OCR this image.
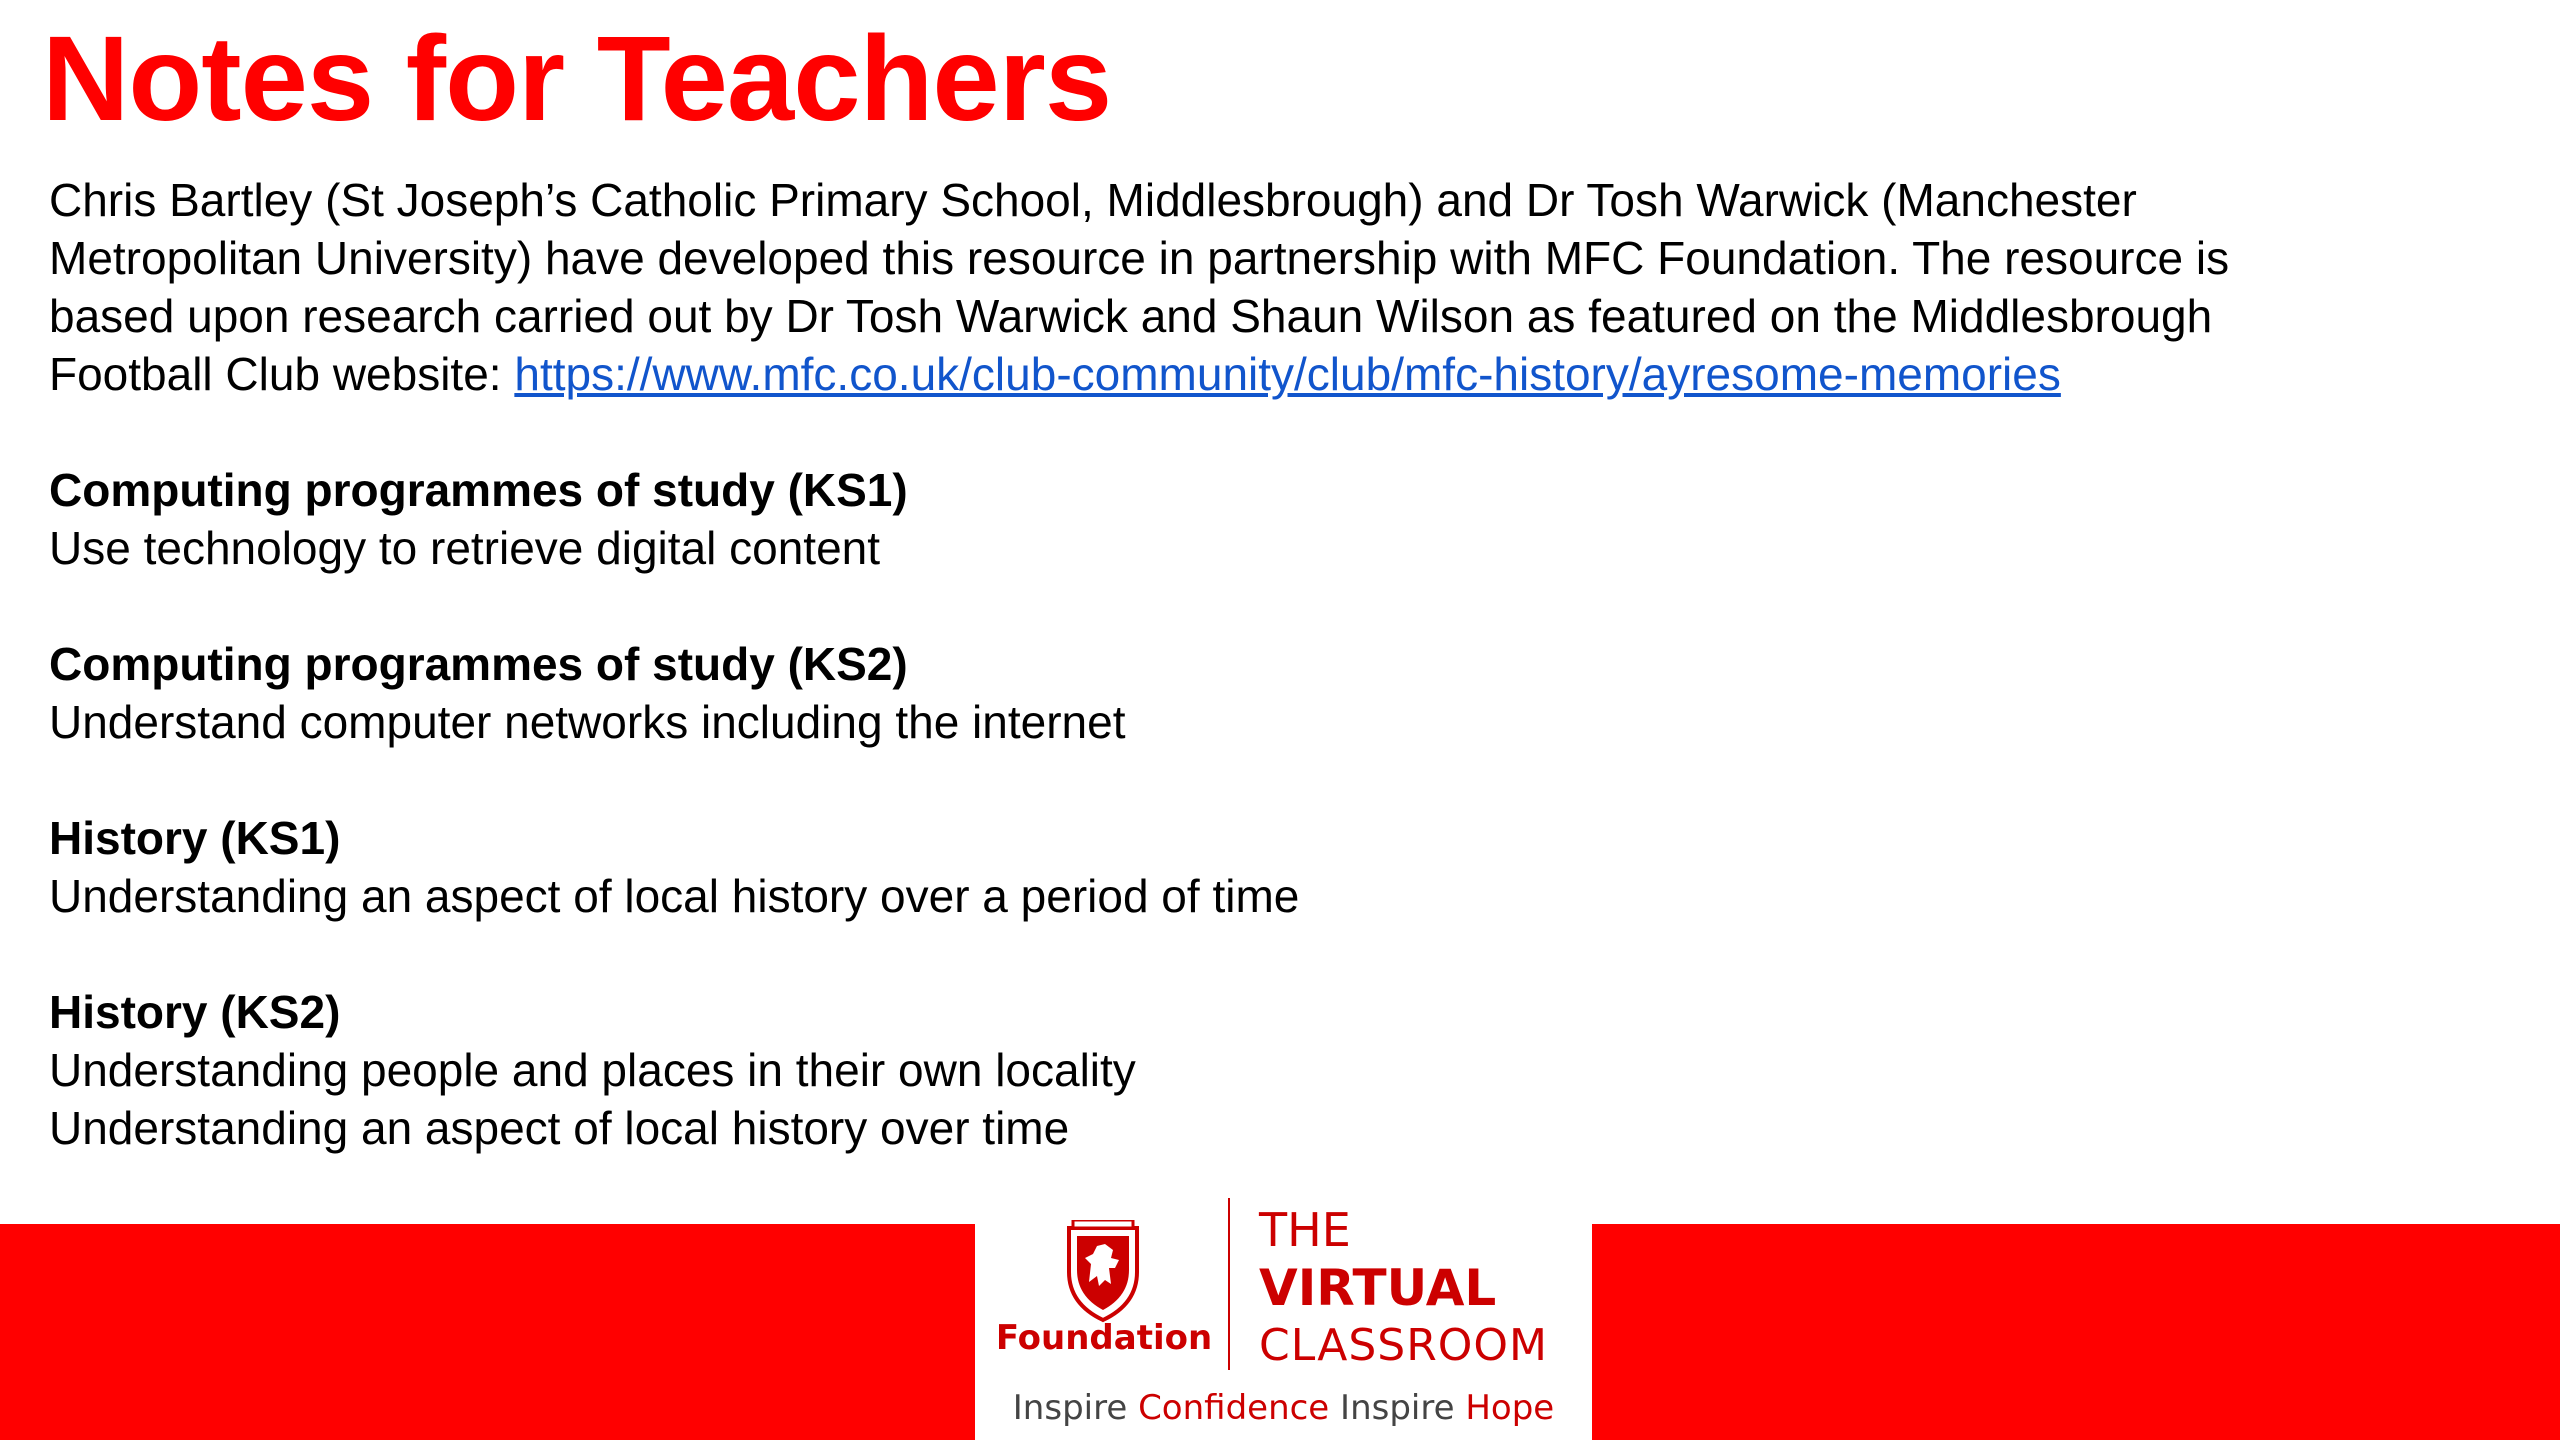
Notes for Teachers

Chris Bartley (St Joseph’s Catholic Primary School, Middlesbrough) and Dr Tosh Warwick (Manchester Metropolitan University) have developed this resource in partnership with MFC Foundation. The resource is based upon research carried out by Dr Tosh Warwick and Shaun Wilson as featured on the Middlesbrough Football Club website: https://www.mfc.co.uk/club-community/club/mfc-history/ayresome-memories

Computing programmes of study (KS1)

Use technology to retrieve digital content

Computing programmes of study (KS2)

Understand computer networks including the internet

History (KS1)

Understanding an aspect of local history over a period of time

History (KS2)

Understanding people and places in their own locality

Understanding an aspect of local history over time

Foundation
THE
VIRTUAL
CLASSROOM
Inspire Confidence Inspire Hope
